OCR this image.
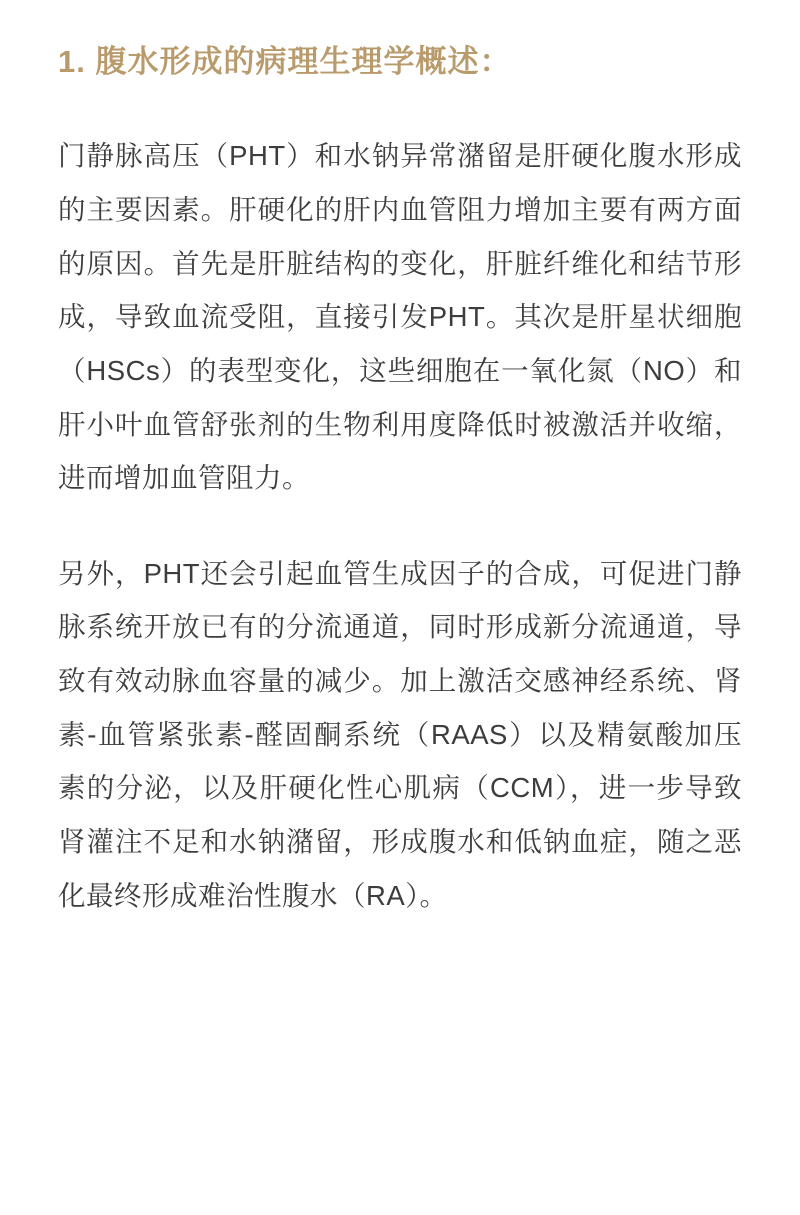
1. 腹水形成的病理生理学概述：

门静脉高压（PHT）和水钠异常潴留是肝硬化腹水形成的主要因素。肝硬化的肝内血管阻力增加主要有两方面的原因。首先是肝脏结构的变化，肝脏纤维化和结节形成，导致血流受阻，直接引发PHT。其次是肝星状细胞（HSCs）的表型变化，这些细胞在一氧化氮（NO）和肝小叶血管舒张剂的生物利用度降低时被激活并收缩，进而增加血管阻力。

另外，PHT还会引起血管生成因子的合成，可促进门静脉系统开放已有的分流通道，同时形成新分流通道，导致有效动脉血容量的减少。加上激活交感神经系统、肾素-血管紧张素-醛固酮系统（RAAS）以及精氨酸加压素的分泌，以及肝硬化性心肌病（CCM），进一步导致肾灌注不足和水钠潴留，形成腹水和低钠血症，随之恶化最终形成难治性腹水（RA）。
